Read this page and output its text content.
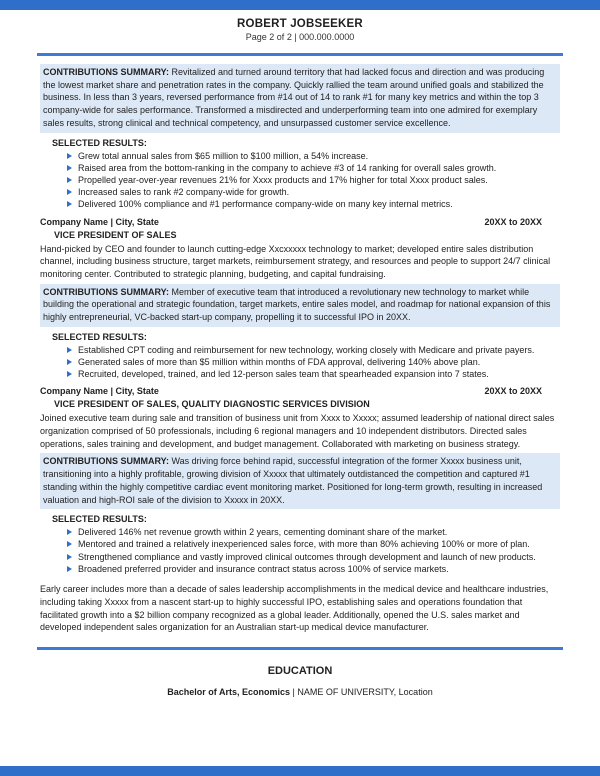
ROBERT JOBSEEKER
Page 2 of 2 | 000.000.0000
CONTRIBUTIONS SUMMARY: Revitalized and turned around territory that had lacked focus and direction and was producing the lowest market share and penetration rates in the company. Quickly rallied the team around unified goals and stabilized the business. In less than 3 years, reversed performance from #14 out of 14 to rank #1 for many key metrics and within the top 3 company-wide for sales performance. Transformed a misdirected and underperforming team into one admired for exemplary sales results, strong clinical and technical competency, and unsurpassed customer service excellence.
SELECTED RESULTS:
Grew total annual sales from $65 million to $100 million, a 54% increase.
Raised area from the bottom-ranking in the company to achieve #3 of 14 ranking for overall sales growth.
Propelled year-over-year revenues 21% for Xxxx products and 17% higher for total Xxxx product sales.
Increased sales to rank #2 company-wide for growth.
Delivered 100% compliance and #1 performance company-wide on many key internal metrics.
Company Name | City, State	20XX to 20XX
VICE PRESIDENT OF SALES
Hand-picked by CEO and founder to launch cutting-edge Xxcxxxxx technology to market; developed entire sales distribution channel, including business structure, target markets, reimbursement strategy, and resources and people to support 24/7 clinical monitoring center. Contributed to strategic planning, budgeting, and capital fundraising.
CONTRIBUTIONS SUMMARY: Member of executive team that introduced a revolutionary new technology to market while building the operational and strategic foundation, target markets, entire sales model, and roadmap for national expansion of this highly entrepreneurial, VC-backed start-up company, propelling it to successful IPO in 20XX.
SELECTED RESULTS:
Established CPT coding and reimbursement for new technology, working closely with Medicare and private payers.
Generated sales of more than $5 million within months of FDA approval, delivering 140% above plan.
Recruited, developed, trained, and led 12-person sales team that spearheaded expansion into 7 states.
Company Name | City, State	20XX to 20XX
VICE PRESIDENT OF SALES, QUALITY DIAGNOSTIC SERVICES DIVISION
Joined executive team during sale and transition of business unit from Xxxx to Xxxxx; assumed leadership of national direct sales organization comprised of 50 professionals, including 6 regional managers and 10 independent distributors. Directed sales operations, sales training and development, and budget management. Collaborated with marketing on business strategy.
CONTRIBUTIONS SUMMARY: Was driving force behind rapid, successful integration of the former Xxxxx business unit, transitioning into a highly profitable, growing division of Xxxxx that ultimately outdistanced the competition and captured #1 standing within the highly competitive cardiac event monitoring market. Positioned for long-term growth, resulting in increased valuation and high-ROI sale of the division to Xxxxx in 20XX.
SELECTED RESULTS:
Delivered 146% net revenue growth within 2 years, cementing dominant share of the market.
Mentored and trained a relatively inexperienced sales force, with more than 80% achieving 100% or more of plan.
Strengthened compliance and vastly improved clinical outcomes through development and launch of new products.
Broadened preferred provider and insurance contract status across 100% of service markets.
Early career includes more than a decade of sales leadership accomplishments in the medical device and healthcare industries, including taking Xxxxx from a nascent start-up to highly successful IPO, establishing sales and operations foundation that facilitated growth into a $2 billion company recognized as a global leader. Additionally, opened the U.S. sales market and developed independent sales organization for an Australian start-up medical device manufacturer.
EDUCATION
Bachelor of Arts, Economics | NAME OF UNIVERSITY, Location
